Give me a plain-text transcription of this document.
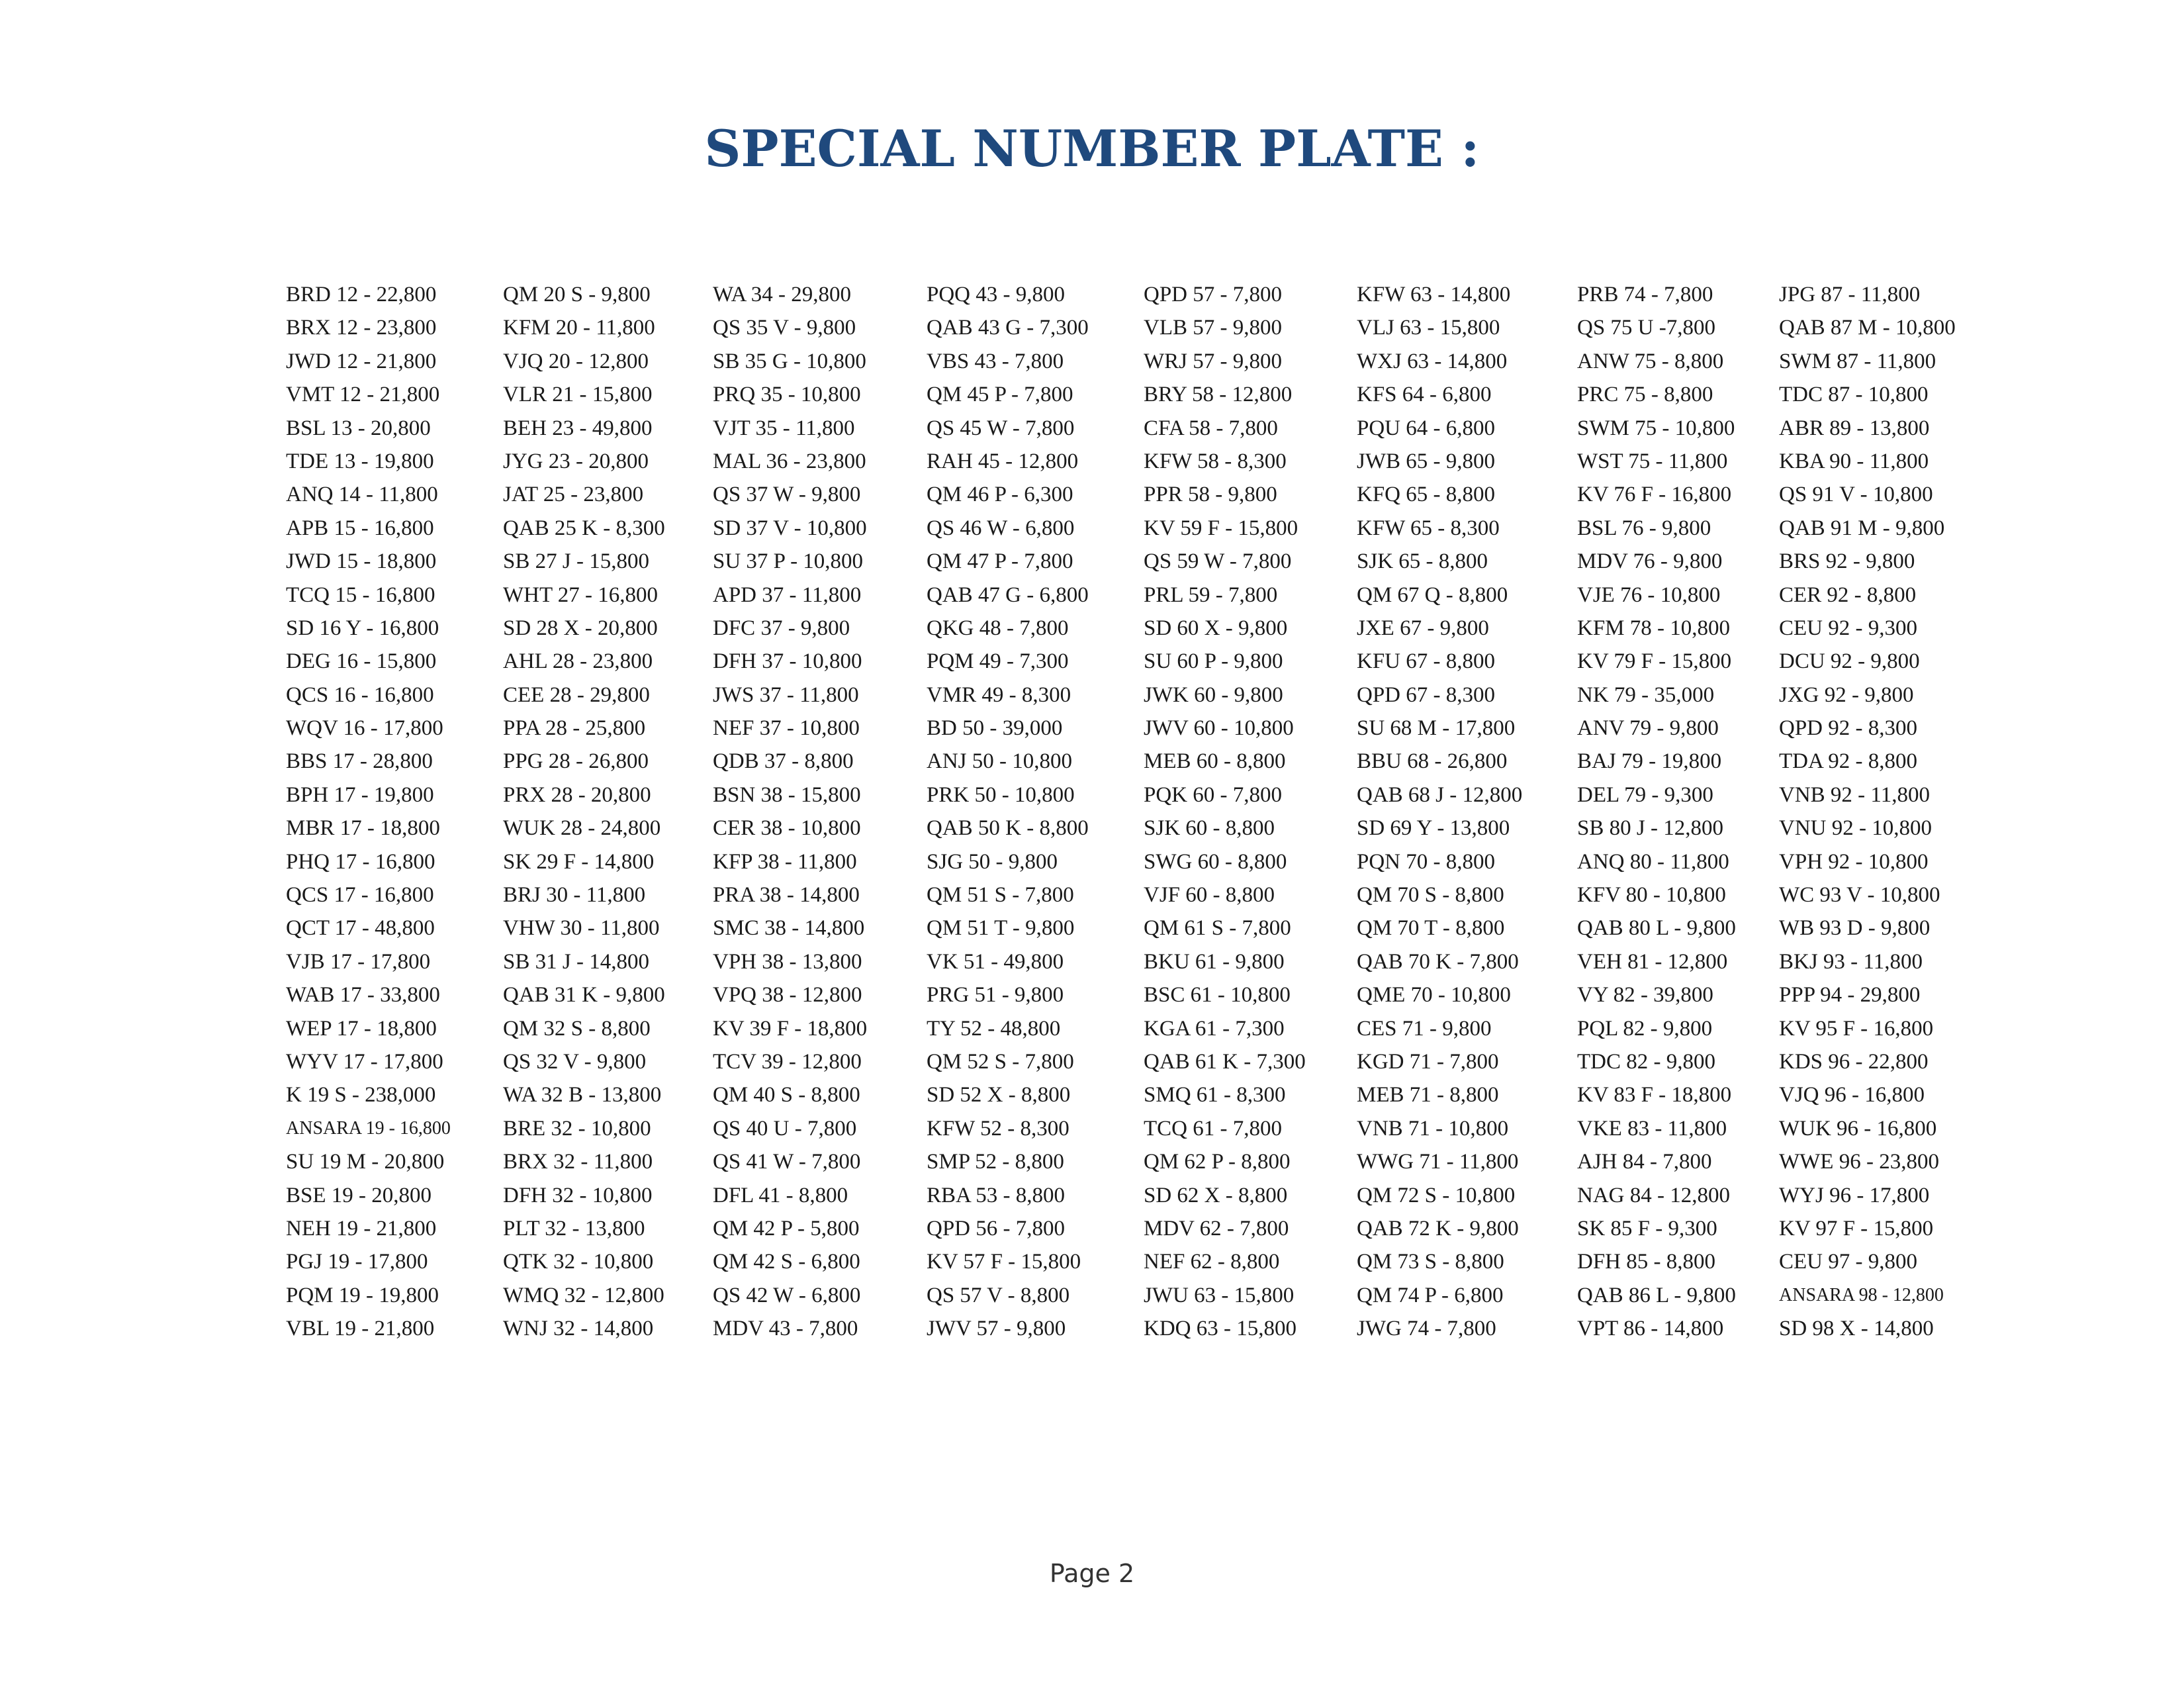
SPECIAL NUMBER PLATE :
BRD 12 - 22,800
BRX 12 - 23,800
JWD 12 - 21,800
VMT 12 - 21,800
BSL 13 - 20,800
TDE 13 - 19,800
ANQ 14 - 11,800
APB 15 - 16,800
JWD 15 - 18,800
TCQ 15 - 16,800
SD 16 Y - 16,800
DEG 16 - 15,800
QCS 16 - 16,800
WQV 16 - 17,800
BBS 17 - 28,800
BPH 17 - 19,800
MBR 17 - 18,800
PHQ 17 - 16,800
QCS 17 - 16,800
QCT 17 - 48,800
VJB 17 - 17,800
WAB 17 - 33,800
WEP 17 - 18,800
WYV 17 - 17,800
K 19 S - 238,000
ANSARA 19 - 16,800
SU 19 M - 20,800
BSE 19 - 20,800
NEH 19 - 21,800
PGJ 19 - 17,800
PQM 19 - 19,800
VBL 19 - 21,800
QM 20 S - 9,800
KFM 20 - 11,800
VJQ 20 - 12,800
VLR 21 - 15,800
BEH 23 - 49,800
JYG 23 - 20,800
JAT 25 - 23,800
QAB 25 K - 8,300
SB 27 J - 15,800
WHT 27 - 16,800
SD 28 X - 20,800
AHL 28 - 23,800
CEE 28 - 29,800
PPA 28 - 25,800
PPG 28 - 26,800
PRX 28 - 20,800
WUK 28 - 24,800
SK 29 F - 14,800
BRJ 30 - 11,800
VHW 30 - 11,800
SB 31 J - 14,800
QAB 31 K - 9,800
QM 32 S - 8,800
QS 32 V - 9,800
WA 32 B - 13,800
BRE 32 - 10,800
BRX 32 - 11,800
DFH 32 - 10,800
PLT 32 - 13,800
QTK 32 - 10,800
WMQ 32 - 12,800
WNJ 32 - 14,800
WA 34 - 29,800
QS 35 V - 9,800
SB 35 G - 10,800
PRQ 35 - 10,800
VJT 35 - 11,800
MAL 36 - 23,800
QS 37 W - 9,800
SD 37 V - 10,800
SU 37 P - 10,800
APD 37 - 11,800
DFC 37 - 9,800
DFH 37 - 10,800
JWS 37 - 11,800
NEF 37 - 10,800
QDB 37 - 8,800
BSN 38 - 15,800
CER 38 - 10,800
KFP 38 - 11,800
PRA 38 - 14,800
SMC 38 - 14,800
VPH 38 - 13,800
VPQ 38 - 12,800
KV 39 F - 18,800
TCV 39 - 12,800
QM 40 S - 8,800
QS 40 U - 7,800
QS 41 W - 7,800
DFL 41 - 8,800
QM 42 P - 5,800
QM 42 S - 6,800
QS 42 W - 6,800
MDV 43 - 7,800
PQQ 43 - 9,800
QAB 43 G - 7,300
VBS 43 - 7,800
QM 45 P - 7,800
QS 45 W - 7,800
RAH 45 - 12,800
QM 46 P - 6,300
QS 46 W - 6,800
QM 47 P - 7,800
QAB 47 G - 6,800
QKG 48 - 7,800
PQM 49 - 7,300
VMR 49 - 8,300
BD 50 - 39,000
ANJ 50 - 10,800
PRK 50 - 10,800
QAB 50 K - 8,800
SJG 50 - 9,800
QM 51 S - 7,800
QM 51 T - 9,800
VK 51 - 49,800
PRG 51 - 9,800
TY 52 - 48,800
QM 52 S - 7,800
SD 52 X - 8,800
KFW 52 - 8,300
SMP 52 - 8,800
RBA 53 - 8,800
QPD 56 - 7,800
KV 57 F - 15,800
QS 57 V - 8,800
JWV 57 - 9,800
QPD 57 - 7,800
VLB 57 - 9,800
WRJ 57 - 9,800
BRY 58 - 12,800
CFA 58 - 7,800
KFW 58 - 8,300
PPR 58 - 9,800
KV 59 F - 15,800
QS 59 W - 7,800
PRL 59 - 7,800
SD 60 X - 9,800
SU 60 P - 9,800
JWK 60 - 9,800
JWV 60 - 10,800
MEB 60 - 8,800
PQK 60 - 7,800
SJK 60 - 8,800
SWG 60 - 8,800
VJF 60 - 8,800
QM 61 S - 7,800
BKU 61 - 9,800
BSC 61 - 10,800
KGA 61 - 7,300
QAB 61 K - 7,300
SMQ 61 - 8,300
TCQ 61 - 7,800
QM 62 P - 8,800
SD 62 X - 8,800
MDV 62 - 7,800
NEF 62 - 8,800
JWU 63 - 15,800
KDQ 63 - 15,800
KFW 63 - 14,800
VLJ 63 - 15,800
WXJ 63 - 14,800
KFS 64 - 6,800
PQU 64 - 6,800
JWB 65 - 9,800
KFQ 65 - 8,800
KFW 65 - 8,300
SJK 65 - 8,800
QM 67 Q - 8,800
JXE 67 - 9,800
KFU 67 - 8,800
QPD 67 - 8,300
SU 68 M - 17,800
BBU 68 - 26,800
QAB 68 J - 12,800
SD 69 Y - 13,800
PQN 70 - 8,800
QM 70 S - 8,800
QM 70 T - 8,800
QAB 70 K - 7,800
QME 70 - 10,800
CES 71 - 9,800
KGD 71 - 7,800
MEB 71 - 8,800
VNB 71 - 10,800
WWG 71 - 11,800
QM 72 S - 10,800
QAB 72 K - 9,800
QM 73 S - 8,800
QM 74 P - 6,800
JWG 74 - 7,800
PRB 74 - 7,800
QS 75 U -7,800
ANW 75 - 8,800
PRC 75 - 8,800
SWM 75 - 10,800
WST 75 - 11,800
KV 76 F - 16,800
BSL 76 - 9,800
MDV 76 - 9,800
VJE 76 - 10,800
KFM 78 - 10,800
KV 79 F - 15,800
NK 79 - 35,000
ANV 79 - 9,800
BAJ 79 - 19,800
DEL 79 - 9,300
SB 80 J - 12,800
ANQ 80 - 11,800
KFV 80 - 10,800
QAB 80 L - 9,800
VEH 81 - 12,800
VY 82 - 39,800
PQL 82 - 9,800
TDC 82 - 9,800
KV 83 F - 18,800
VKE 83 - 11,800
AJH 84 - 7,800
NAG 84 - 12,800
SK 85 F - 9,300
DFH 85 - 8,800
QAB 86 L - 9,800
VPT 86 - 14,800
JPG 87 - 11,800
QAB 87 M - 10,800
SWM 87 - 11,800
TDC 87 - 10,800
ABR 89 - 13,800
KBA 90 - 11,800
QS 91 V - 10,800
QAB 91 M - 9,800
BRS 92 - 9,800
CER 92 - 8,800
CEU 92 - 9,300
DCU 92 - 9,800
JXG 92 - 9,800
QPD 92 - 8,300
TDA 92 - 8,800
VNB 92 - 11,800
VNU 92 - 10,800
VPH 92 - 10,800
WC 93 V - 10,800
WB 93 D - 9,800
BKJ 93 - 11,800
PPP 94 - 29,800
KV 95 F - 16,800
KDS 96 - 22,800
VJQ 96 - 16,800
WUK 96 - 16,800
WWE 96 - 23,800
WYJ 96 - 17,800
KV 97 F - 15,800
CEU 97 - 9,800
ANSARA 98 - 12,800
SD 98 X - 14,800
Page 2
